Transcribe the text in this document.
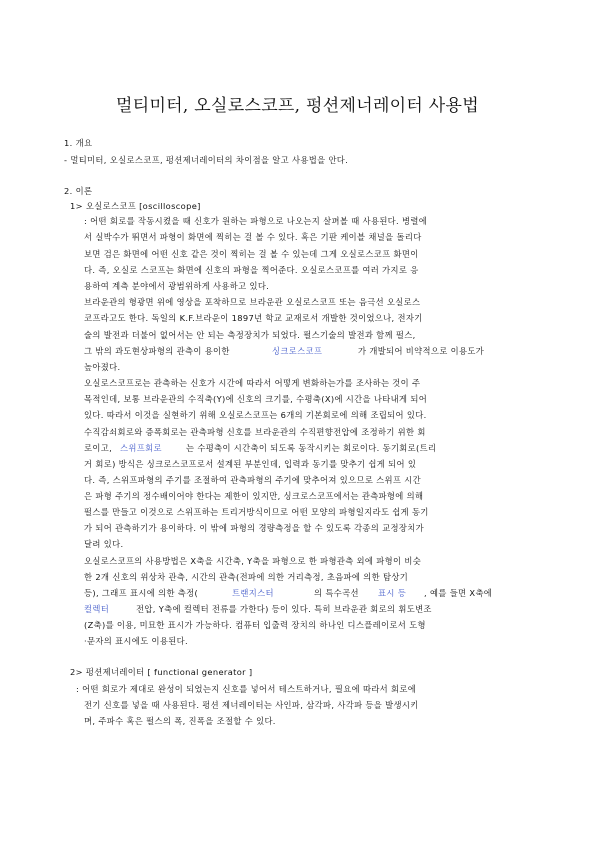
멀티미터, 오실로스코프, 펑션제너레이터 사용법
1. 개요
- 멀티미터, 오실로스코프, 펑션제너레이터의 차이점을 알고 사용법을 안다.
2. 이론
1> 오실로스코프 [oscilloscope]
: 어떤 회로를 작동시켰을 때 신호가 원하는 파형으로 나오는지 살펴볼 때 사용된다. 병렬에
서 실박수가 뛰면서 파형이 화면에 찍히는 걸 볼 수 있다. 혹은 기판 케이블 채널을 돌리다
보면 검은 화면에 어떤 신호 같은 것이 찍히는 걸 볼 수 있는데 그게 오실로스코프 화면이
다. 즉, 오실로 스코프는 화면에 신호의 파형을 찍어준다. 오실로스코프를 여러 가지로 응
용하여 계측 분야에서 광범위하게 사용하고 있다.
브라운관의 형광면 위에 영상을 포착하므로 브라운관 오실로스코프 또는 음극선 오실로스
코프라고도 한다. 독일의 K.F.브라운이 1897년 학교 교재로서 개발한 것이었으나, 전자기
술의 발전과 더불어 없어서는 안 되는 측정장치가 되었다. 펄스기술의 발전과 함께 펄스,
그 밖의 과도현상파형의 관측이 용이한	싱크로스코프	가 개발되어 비약적으로 이용도가
높아졌다.
오실로스코프로는 관측하는 신호가 시간에 따라서 어떻게 변화하는가를 조사하는 것이 주
목적인데, 보통 브라운관의 수직축(Y)에 신호의 크기를, 수평축(X)에 시간을 나타내게 되어
있다. 따라서 이것을 실현하기 위해 오실로스코프는 6개의 기본회로에 의해 조립되어 있다.
수직감쇠회로와 증폭회로는 관측파형 신호를 브라운관의 수직편향전압에 조정하기 위한 회
로이고, 스위프회로	는 수평축이 시간축이 되도록 동작시키는 회로이다. 동기회로(트리
거 회로) 방식은 싱크로스코프로서 설계된 부분인데, 입력과 동기를 맞추기 쉽게 되어 있
다. 즉, 스위프파형의 주기를 조절하여 관측파형의 주기에 맞추어져 있으므로 스위프 시간
은 파형 주기의 정수배이어야 한다는 제한이 있지만, 싱크로스코프에서는 관측파형에 의해
펄스를 만들고 이것으로 스위프하는 트리거방식이므로 어떤 모양의 파형일지라도 쉽게 동기
가 되어 관측하기가 용이하다. 이 밖에 파형의 경량측정을 할 수 있도록 각종의 교정장치가
달려 있다.
오실로스코프의 사용방법은 X축을 시간축, Y축을 파형으로 한 파형관측 외에 파형이 비슷
한 2개 신호의 위상차 관측, 시간의 관측(전파에 의한 거리측정, 초음파에 의한 탐상기
등), 그래프 표시에 의한 측정(	트랜지스터	의 특수곡선 표시 등 , 예를 들면 X축에
컬렉터	전압, Y축에 컬렉터 전류를 가한다) 등이 있다. 특히 브라운관 회로의 휘도변조
(Z축)를 이용, 미묘한 표시가 가능하다. 컴퓨터 입출력 장치의 하나인 디스플레이로서 도형
·문자의 표시에도 이용된다.
2> 펑션제너레이터 [ functional generator ]
: 어떤 회로가 제대로 완성이 되었는지 신호를 넣어서 테스트하거나, 필요에 따라서 회로에
전기 신호를 넣을 때 사용된다. 펑션 제너레이터는 사인파, 삼각파, 사각파 등을 발생시키
며, 주파수 혹은 펄스의 폭, 진폭을 조절할 수 있다.
